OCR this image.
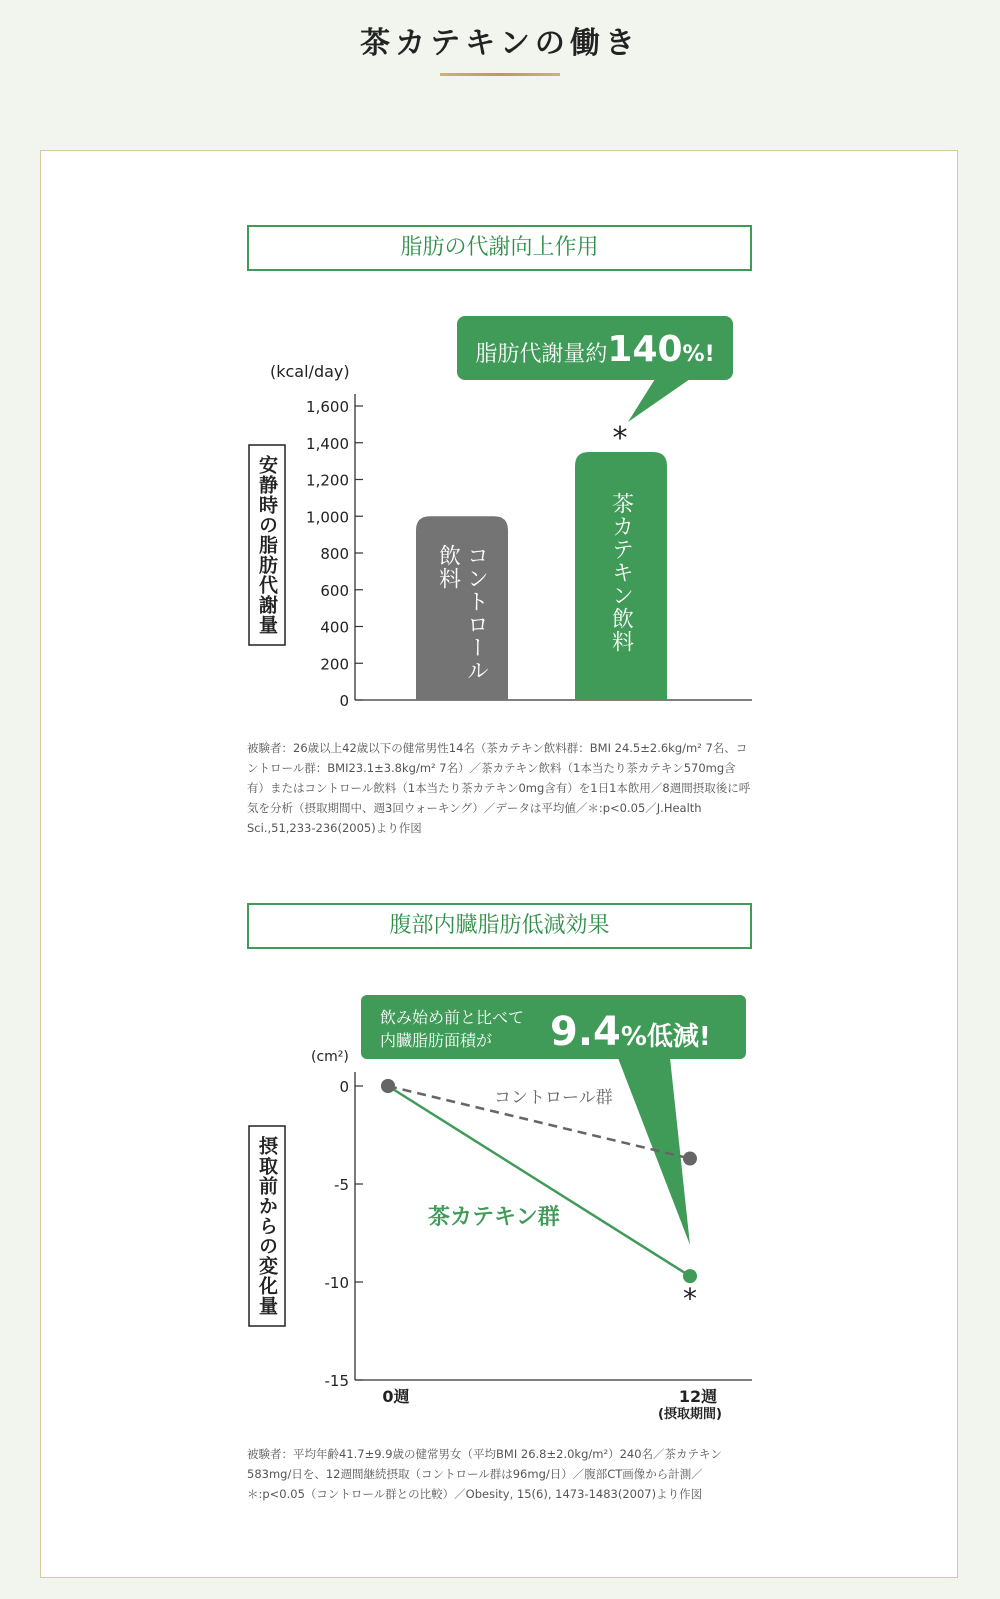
茶カテキンの働き
脂肪の代謝向上作用
脂肪代謝量約140%!
(kcal/day)
安静時の脂肪代謝量
0
200
400
600
800
1,000
1,200
1,400
1,600
コントロール
飲料	茶カテキン飲料
*
被験者：26歳以上42歳以下の健常男性14名（茶カテキン飲料群：BMI 24.5±2.6kg/m² 7名、コントロール群：BMI23.1±3.8kg/m² 7名）／茶カテキン飲料（1本当たり茶カテキン570mg含有）またはコントロール飲料（1本当たり茶カテキン0mg含有）を1日1本飲用／8週間摂取後に呼気を分析（摂取期間中、週3回ウォーキング）／データは平均値／＊:p<0.05／J.Health Sci.,51,233-236(2005)より作図
腹部内臓脂肪低減効果
飲み始め前と比べて
内臓脂肪面積が 9.4%低減!
(cm²)
摂取前からの変化量
0
-5
-10
-15
0週	12週
コントロール群
茶カテキン群
*
(摂取期間)
被験者：平均年齢41.7±9.9歳の健常男女（平均BMI 26.8±2.0kg/m²）240名／茶カテキン583mg/日を、12週間継続摂取（コントロール群は96mg/日）／腹部CT画像から計測／＊:p<0.05（コントロール群との比較）／Obesity, 15(6), 1473-1483(2007)より作図
